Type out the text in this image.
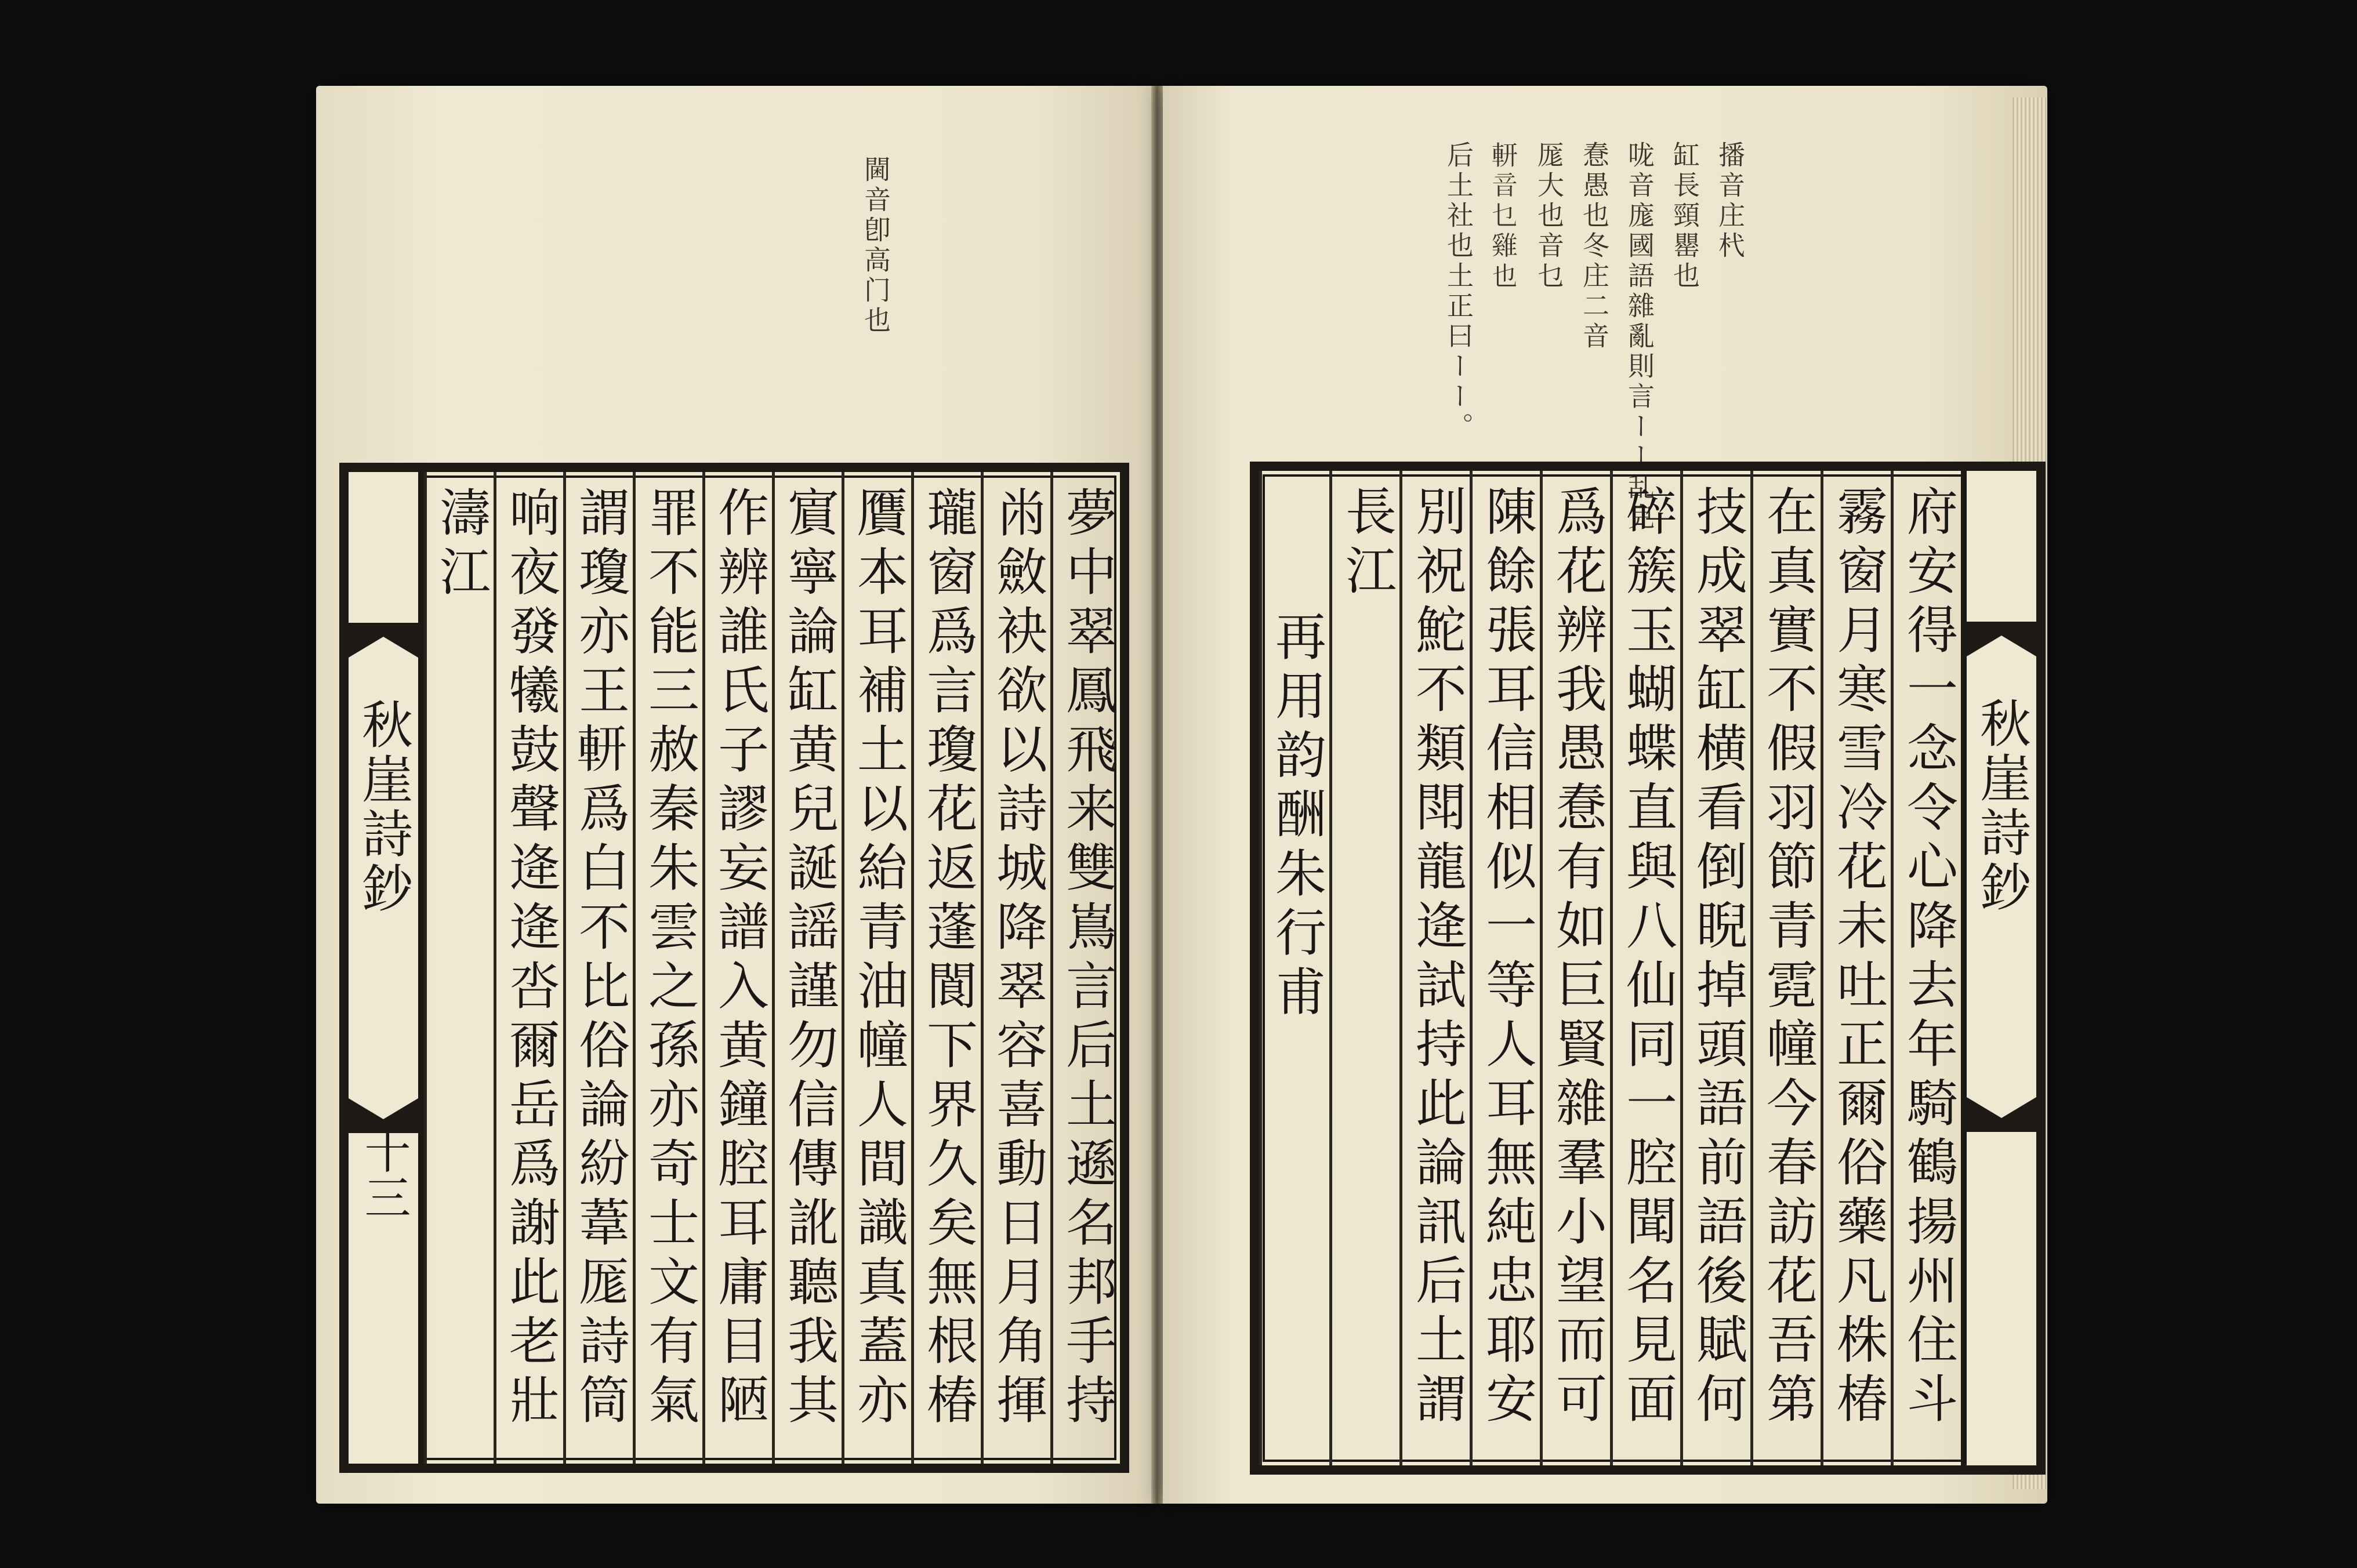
閫音卽高门也
秋崖詩鈔
十三
夢中翠鳳飛来雙嶌言后土遜名邦手持
㡀斂袂欲以詩城降翠容喜動日月角揮
瓏窗爲言瓊花返蓬閬下界久矣無根椿
贋本耳補土以紿青油幢人間識真蓋亦
賔寧論缸黄兒誕謡謹勿信傳訛聽我其
作辨誰氏子謬妄譜入黄鐘腔耳庸目陋
罪不能三赦秦朱雲之孫亦奇士文有氣
謂瓊亦王𨊻爲白不比俗論紛葦厖詩筒
响夜發犧鼓聲逄逄呇爾岳爲謝此老壯
濤江
播音庄杙
缸長頸罌也
咙音庬國語雜亂則言ーー乱皃
惷愚也冬庄二音
厖大也音乜
𨊻音乜雞也
后土社也土正曰ーー。
秋崖詩鈔
府安得一念令心降去年騎鶴揚州住斗
霧窗月寒雪冷花未吐正爾俗藥凡株椿
在真實不假羽節青霓幢今春訪花吾第
技成翠缸横看倒睨掉頭語前語後賦何
碎簇玉蝴蝶直與八仙同一腔聞名見面
爲花辨我愚惷有如巨賢雜羣小望而可
陳餘張耳信相似一等人耳無純忠耶安
別祝鮀不類閗龍逄試持此論訊后土謂
長江
再用韵酬朱行甫
